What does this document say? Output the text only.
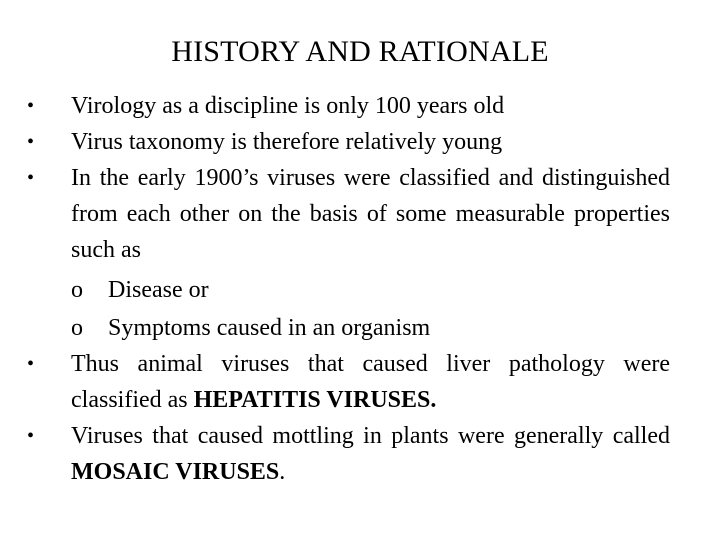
HISTORY AND RATIONALE
• Virology as a discipline is only 100 years old
• Virus taxonomy is therefore relatively young
• In the early 1900’s viruses were classified and distinguished from each other on the basis of some measurable properties such as
o Disease or
o Symptoms caused in an organism
• Thus animal viruses that caused liver pathology were classified as HEPATITIS VIRUSES.
• Viruses that caused mottling in plants were generally called MOSAIC VIRUSES.
